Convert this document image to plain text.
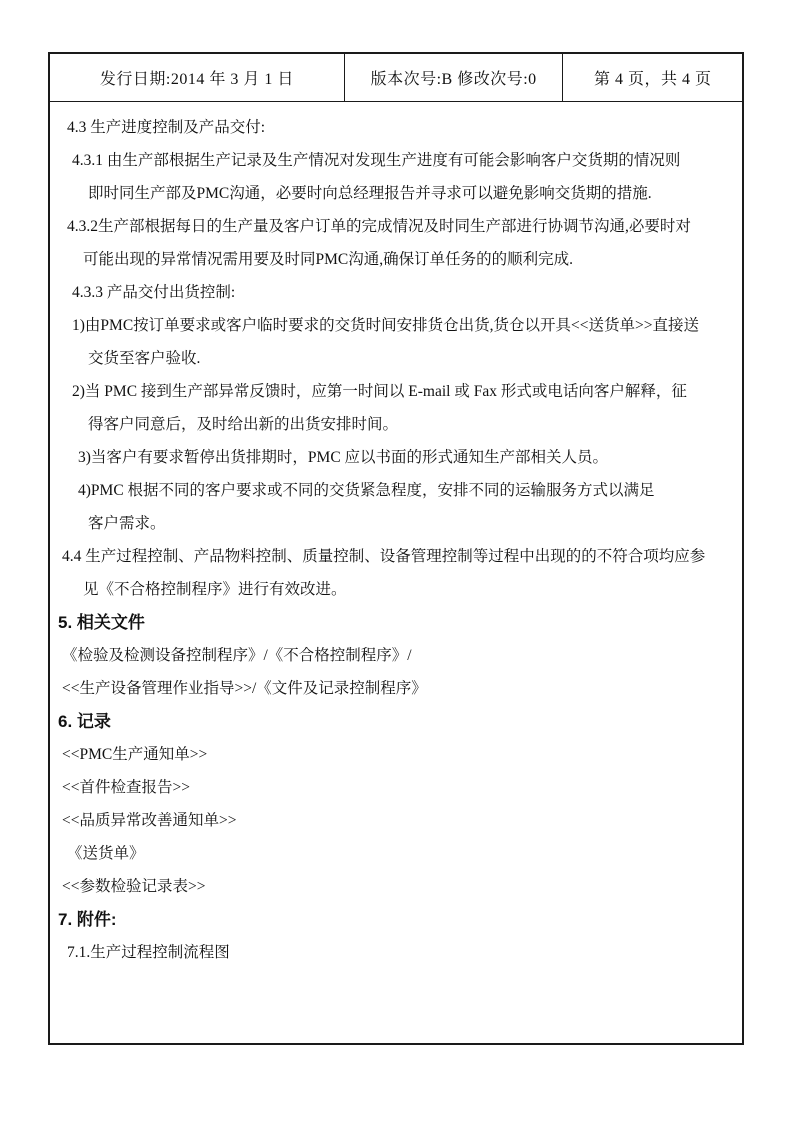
发行日期:2014 年 3 月 1 日	版本次号:B 修改次号:0	第 4 页，共 4 页
4.3 生产进度控制及产品交付:
4.3.1 由生产部根据生产记录及生产情况对发现生产进度有可能会影响客户交货期的情况则
即时同生产部及PMC沟通，必要时向总经理报告并寻求可以避免影响交货期的措施.
4.3.2生产部根据每日的生产量及客户订单的完成情况及时同生产部进行协调节沟通,必要时对
可能出现的异常情况需用要及时同PMC沟通,确保订单任务的的顺利完成.
4.3.3 产品交付出货控制:
1)由PMC按订单要求或客户临时要求的交货时间安排货仓出货,货仓以开具<<送货单>>直接送
交货至客户验收.
2)当 PMC 接到生产部异常反馈时，应第一时间以 E-mail 或 Fax 形式或电话向客户解释，征
得客户同意后，及时给出新的出货安排时间。
3)当客户有要求暂停出货排期时，PMC 应以书面的形式通知生产部相关人员。
4)PMC 根据不同的客户要求或不同的交货紧急程度，安排不同的运输服务方式以满足
客户需求。
4.4 生产过程控制、产品物料控制、质量控制、设备管理控制等过程中出现的的不符合项均应参
见《不合格控制程序》进行有效改进。
5. 相关文件
《检验及检测设备控制程序》/《不合格控制程序》/
<<生产设备管理作业指导>>/《文件及记录控制程序》
6. 记录
<<PMC生产通知单>>
<<首件检查报告>>
<<品质异常改善通知单>>
《送货单》
<<参数检验记录表>>
7. 附件:
7.1.生产过程控制流程图
